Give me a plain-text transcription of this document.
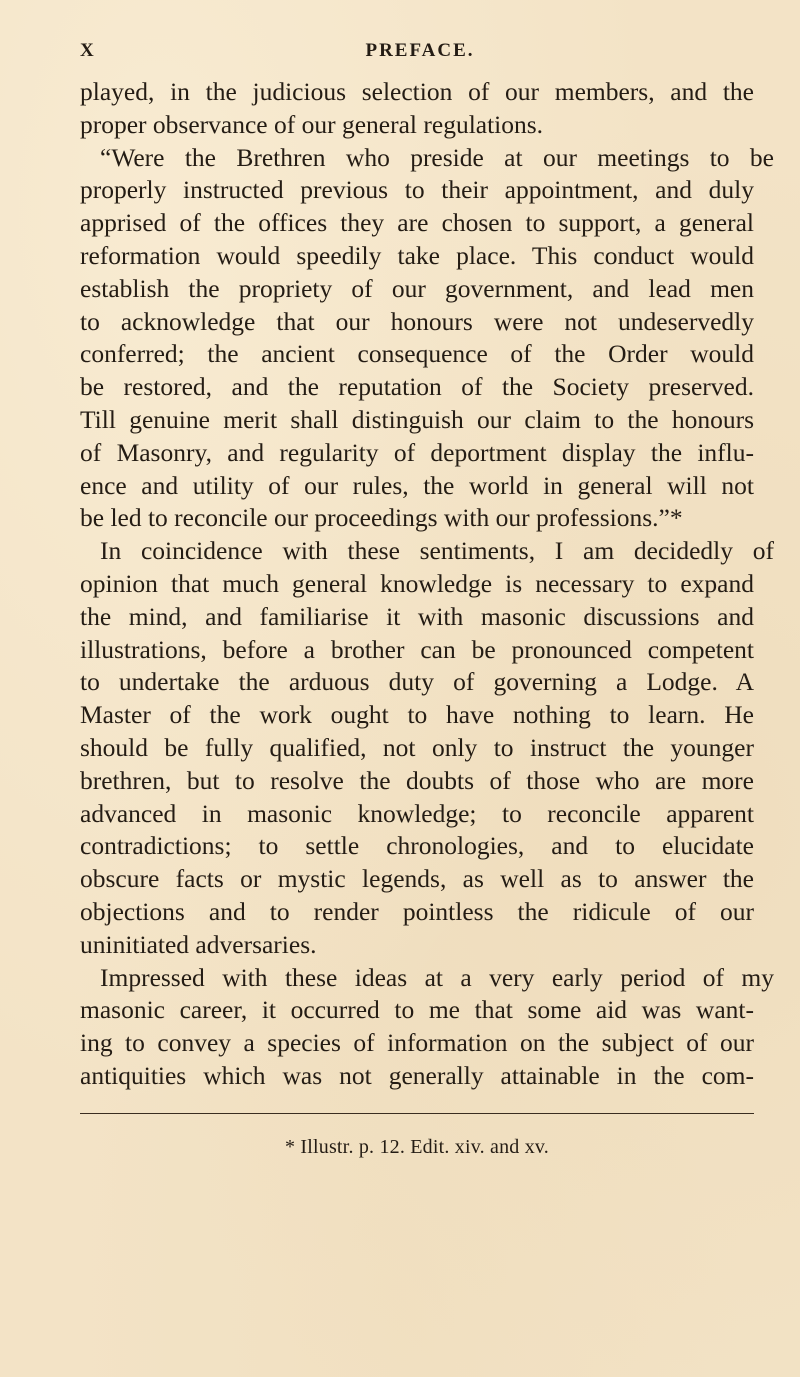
X	PREFACE.
played, in the judicious selection of our members, and the
proper observance of our general regulations.
“Were the Brethren who preside at our meetings to be
properly instructed previous to their appointment, and duly
apprised of the offices they are chosen to support, a general
reformation would speedily take place. This conduct would
establish the propriety of our government, and lead men
to acknowledge that our honours were not undeservedly
conferred; the ancient consequence of the Order would
be restored, and the reputation of the Society preserved.
Till genuine merit shall distinguish our claim to the honours
of Masonry, and regularity of deportment display the influ-
ence and utility of our rules, the world in general will not
be led to reconcile our proceedings with our professions.”*
In coincidence with these sentiments, I am decidedly of
opinion that much general knowledge is necessary to expand
the mind, and familiarise it with masonic discussions and
illustrations, before a brother can be pronounced competent
to undertake the arduous duty of governing a Lodge. A
Master of the work ought to have nothing to learn. He
should be fully qualified, not only to instruct the younger
brethren, but to resolve the doubts of those who are more
advanced in masonic knowledge; to reconcile apparent
contradictions; to settle chronologies, and to elucidate
obscure facts or mystic legends, as well as to answer the
objections and to render pointless the ridicule of our
uninitiated adversaries.
Impressed with these ideas at a very early period of my
masonic career, it occurred to me that some aid was want-
ing to convey a species of information on the subject of our
antiquities which was not generally attainable in the com-
* Illustr. p. 12. Edit. xiv. and xv.
